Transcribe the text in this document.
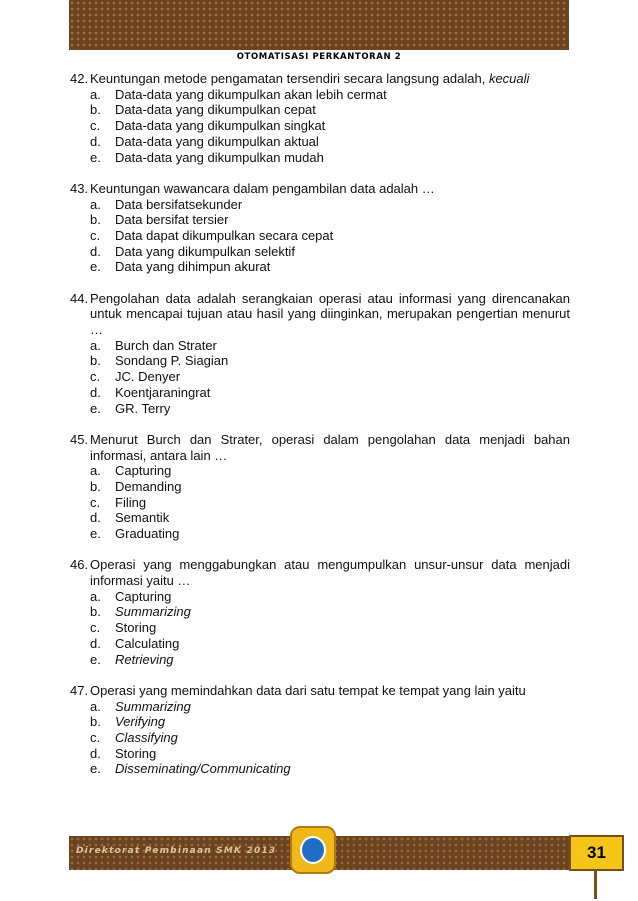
OTOMATISASI PERKANTORAN 2
42. Keuntungan metode pengamatan tersendiri secara langsung adalah, kecuali
a.	Data-data yang dikumpulkan akan lebih cermat
b.	Data-data yang dikumpulkan cepat
c.	Data-data yang dikumpulkan singkat
d.	Data-data yang dikumpulkan aktual
e.	Data-data yang dikumpulkan mudah
43. Keuntungan wawancara dalam pengambilan data adalah …
a.	Data bersifatsekunder
b.	Data bersifat tersier
c.	Data dapat dikumpulkan secara cepat
d.	Data yang dikumpulkan selektif
e.	Data yang dihimpun akurat
44. Pengolahan data adalah serangkaian operasi atau informasi yang direncanakan untuk mencapai tujuan atau hasil yang diinginkan, merupakan pengertian menurut …
a.	Burch dan Strater
b.	Sondang P. Siagian
c.	JC. Denyer
d.	Koentjaraningrat
e.	GR. Terry
45. Menurut Burch dan Strater, operasi dalam pengolahan data menjadi bahan informasi, antara lain …
a.	Capturing
b.	Demanding
c.	Filing
d.	Semantik
e.	Graduating
46. Operasi yang menggabungkan atau mengumpulkan unsur-unsur data menjadi informasi yaitu …
a.	Capturing
b.	Summarizing
c.	Storing
d.	Calculating
e.	Retrieving
47. Operasi yang memindahkan data dari satu tempat ke tempat yang lain yaitu
a.	Summarizing
b.	Verifying
c.	Classifying
d.	Storing
e.	Disseminating/Communicating
Direktorat Pembinaan SMK 2013	31
